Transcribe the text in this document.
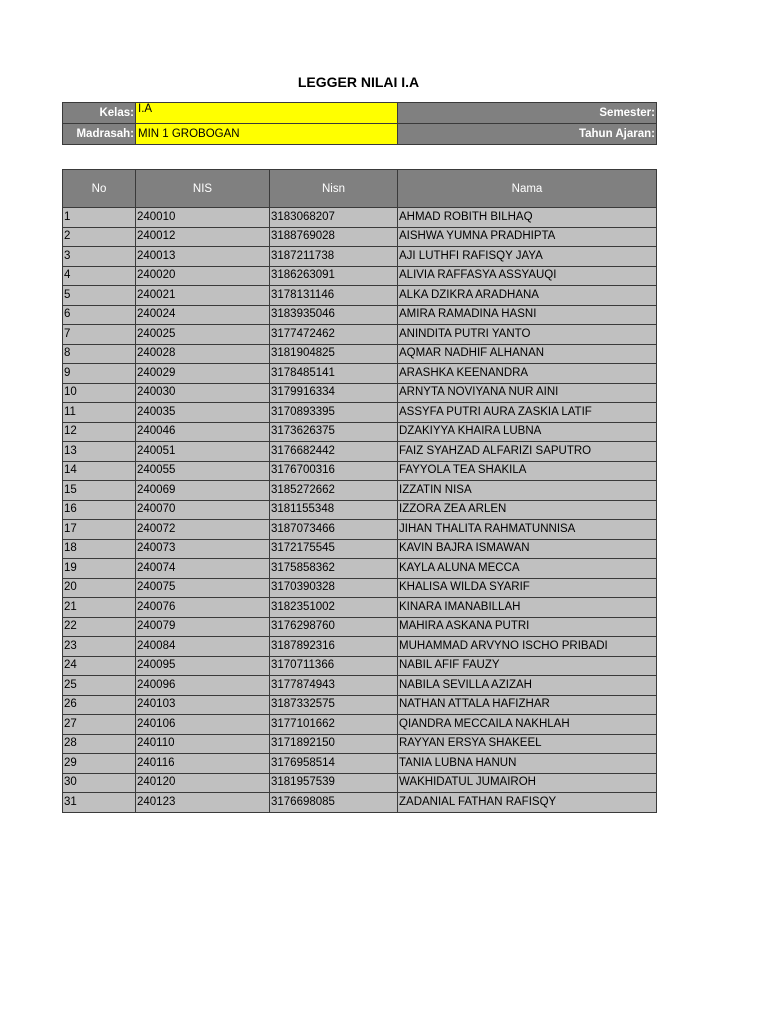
LEGGER NILAI I.A
Kelas:	I.A	Semester:
Madrasah:	MIN 1 GROBOGAN	Tahun Ajaran:
No	NIS	Nisn	Nama
1	240010	3183068207	AHMAD ROBITH BILHAQ
2	240012	3188769028	AISHWA YUMNA PRADHIPTA
3	240013	3187211738	AJI LUTHFI RAFISQY JAYA
4	240020	3186263091	ALIVIA RAFFASYA ASSYAUQI
5	240021	3178131146	ALKA DZIKRA ARADHANA
6	240024	3183935046	AMIRA RAMADINA HASNI
7	240025	3177472462	ANINDITA PUTRI YANTO
8	240028	3181904825	AQMAR NADHIF ALHANAN
9	240029	3178485141	ARASHKA KEENANDRA
10	240030	3179916334	ARNYTA NOVIYANA NUR AINI
11	240035	3170893395	ASSYFA PUTRI AURA ZASKIA LATIF
12	240046	3173626375	DZAKIYYA KHAIRA LUBNA
13	240051	3176682442	FAIZ SYAHZAD ALFARIZI SAPUTRO
14	240055	3176700316	FAYYOLA TEA SHAKILA
15	240069	3185272662	IZZATIN NISA
16	240070	3181155348	IZZORA ZEA ARLEN
17	240072	3187073466	JIHAN THALITA RAHMATUNNISA
18	240073	3172175545	KAVIN BAJRA ISMAWAN
19	240074	3175858362	KAYLA ALUNA MECCA
20	240075	3170390328	KHALISA WILDA SYARIF
21	240076	3182351002	KINARA IMANABILLAH
22	240079	3176298760	MAHIRA ASKANA PUTRI
23	240084	3187892316	MUHAMMAD ARVYNO ISCHO PRIBADI
24	240095	3170711366	NABIL AFIF FAUZY
25	240096	3177874943	NABILA SEVILLA AZIZAH
26	240103	3187332575	NATHAN ATTALA HAFIZHAR
27	240106	3177101662	QIANDRA MECCAILA NAKHLAH
28	240110	3171892150	RAYYAN ERSYA SHAKEEL
29	240116	3176958514	TANIA LUBNA HANUN
30	240120	3181957539	WAKHIDATUL JUMAIROH
31	240123	3176698085	ZADANIAL FATHAN RAFISQY
